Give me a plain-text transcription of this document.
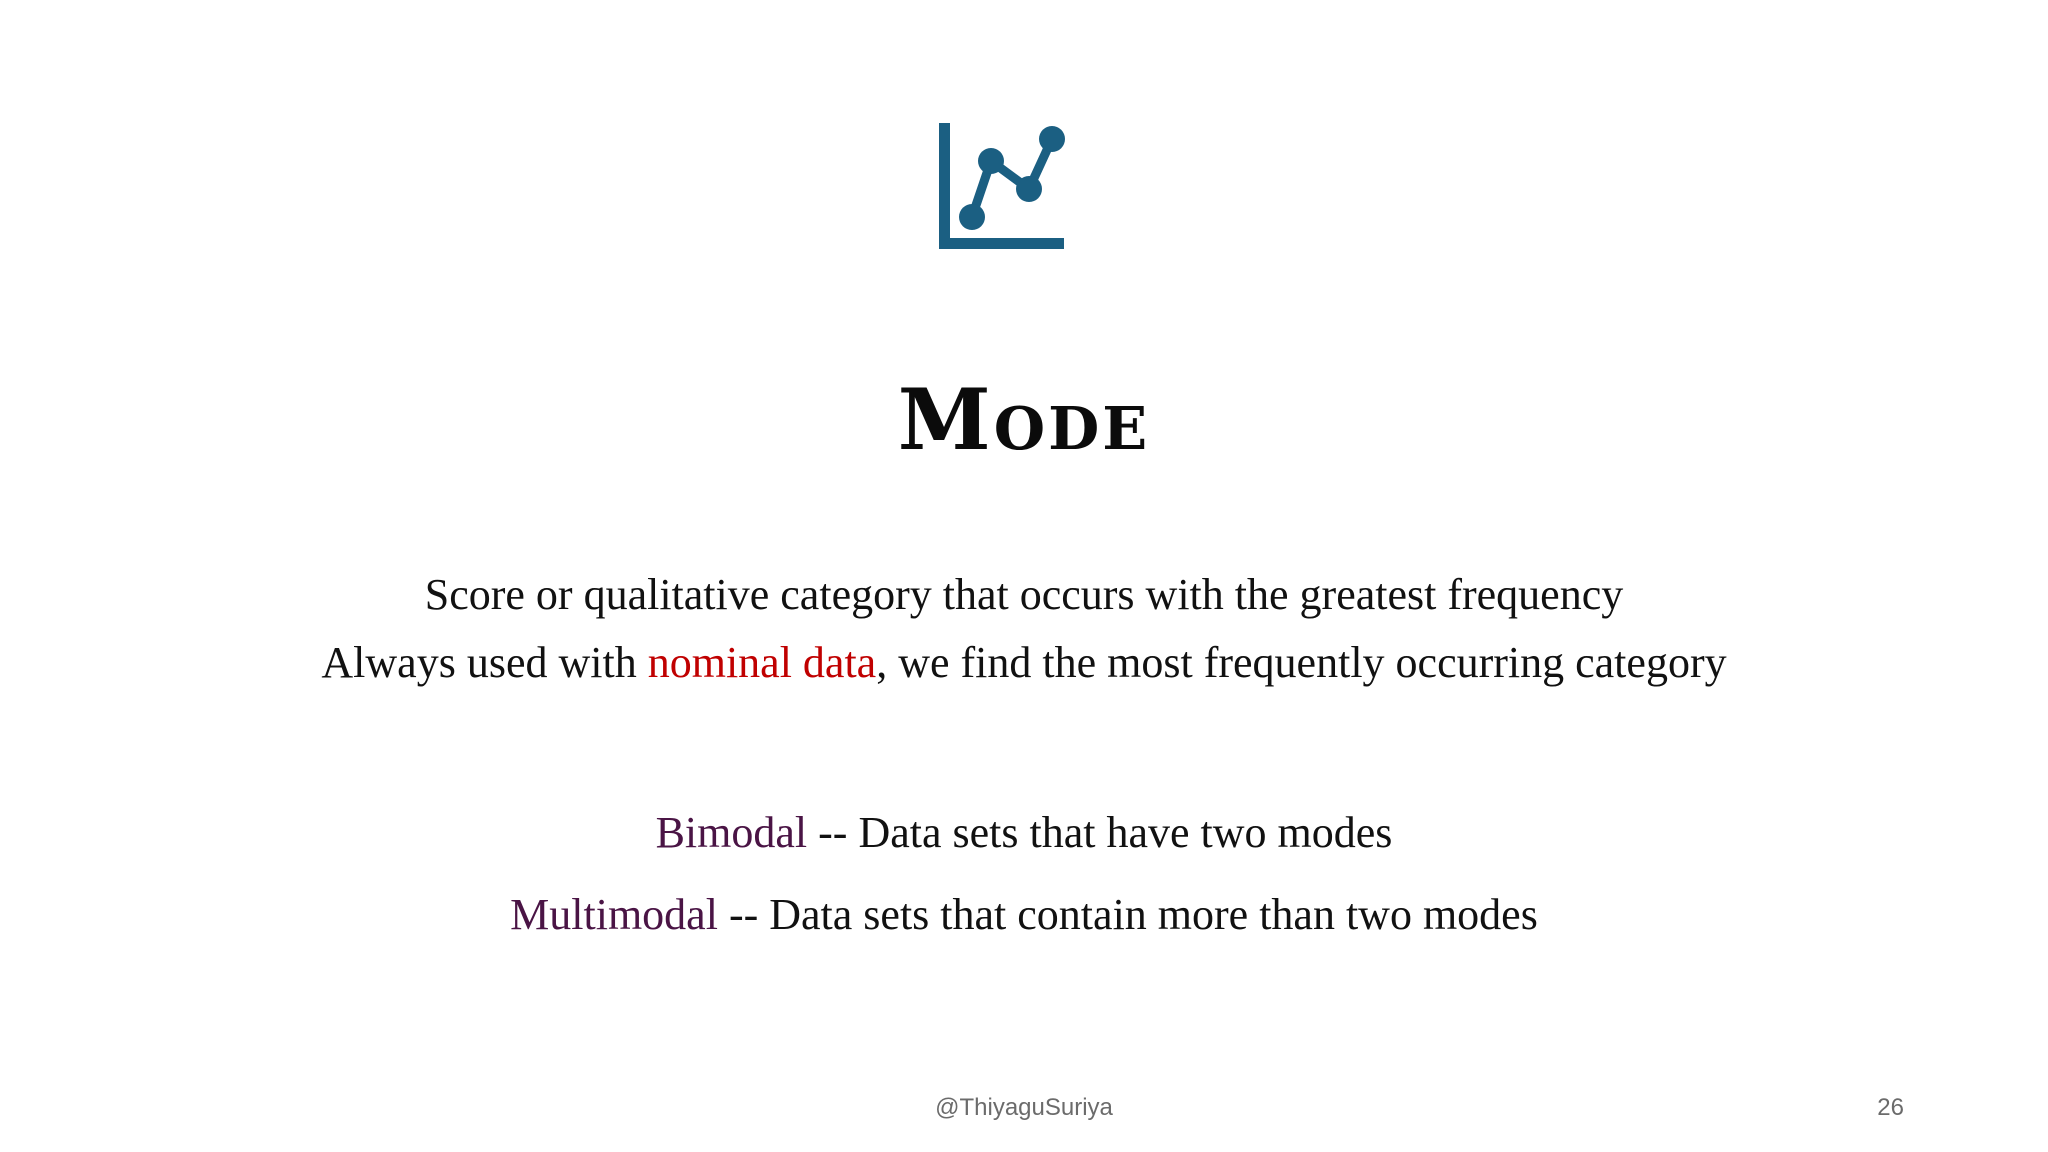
Mode
Score or qualitative category that occurs with the greatest frequency
Always used with nominal data, we find the most frequently occurring category
Bimodal -- Data sets that have two modes
Multimodal -- Data sets that contain more than two modes
@ThiyaguSuriya	26
